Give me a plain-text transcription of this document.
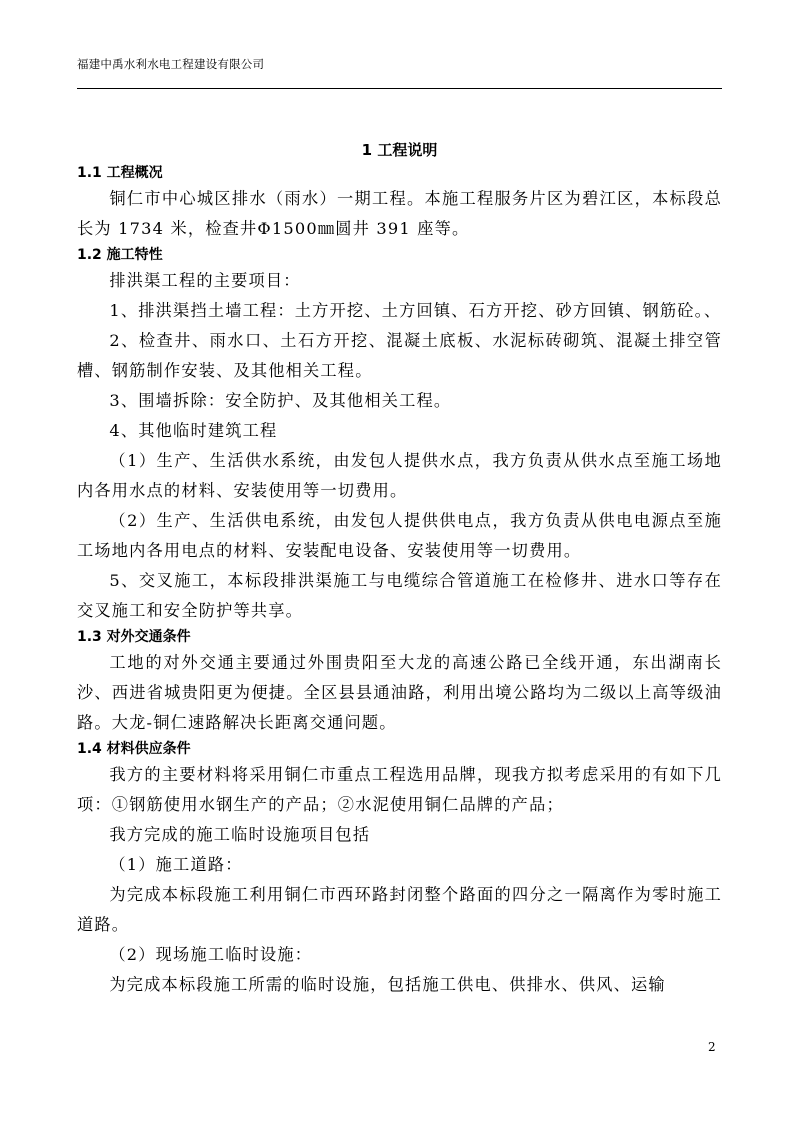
福建中禹水利水电工程建设有限公司
1 工程说明
1.1 工程概况

铜仁市中心城区排水（雨水）一期工程。本施工程服务片区为碧江区，本标段总长为 1734 米，检查井Φ1500㎜圆井 391 座等。

1.2 施工特性

排洪渠工程的主要项目：

1、排洪渠挡土墙工程：土方开挖、土方回镇、石方开挖、砂方回镇、钢筋砼。、

2、检查井、雨水口、土石方开挖、混凝土底板、水泥标砖砌筑、混凝土排空管槽、钢筋制作安装、及其他相关工程。

3、围墙拆除：安全防护、及其他相关工程。

4、其他临时建筑工程

（1）生产、生活供水系统，由发包人提供水点，我方负责从供水点至施工场地内各用水点的材料、安装使用等一切费用。

（2）生产、生活供电系统，由发包人提供供电点，我方负责从供电电源点至施工场地内各用电点的材料、安装配电设备、安装使用等一切费用。

5、交叉施工，本标段排洪渠施工与电缆综合管道施工在检修井、进水口等存在交叉施工和安全防护等共享。

1.3 对外交通条件

工地的对外交通主要通过外围贵阳至大龙的高速公路已全线开通，东出湖南长沙、西进省城贵阳更为便捷。全区县县通油路，利用出境公路均为二级以上高等级油路。大龙-铜仁速路解决长距离交通问题。

1.4 材料供应条件

我方的主要材料将采用铜仁市重点工程选用品牌，现我方拟考虑采用的有如下几项：①钢筋使用水钢生产的产品；②水泥使用铜仁品牌的产品；

我方完成的施工临时设施项目包括

（1）施工道路：

为完成本标段施工利用铜仁市西环路封闭整个路面的四分之一隔离作为零时施工道路。

（2）现场施工临时设施：

为完成本标段施工所需的临时设施，包括施工供电、供排水、供风、运输

2
